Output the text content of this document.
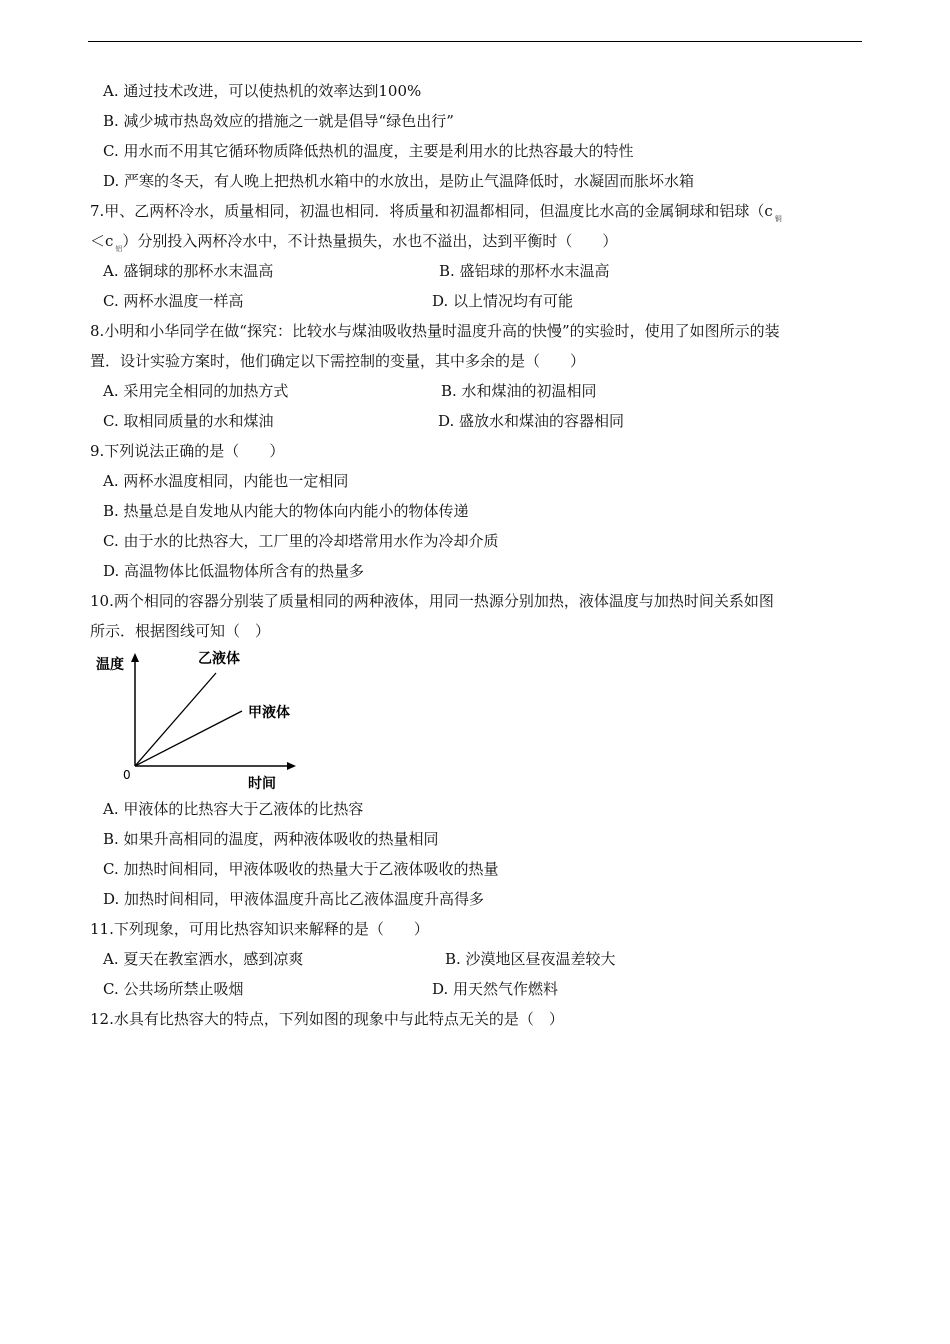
A. 通过技术改进，可以使热机的效率达到100%
B. 减少城市热岛效应的措施之一就是倡导“绿色出行”
C. 用水而不用其它循环物质降低热机的温度，主要是利用水的比热容最大的特性
D. 严寒的冬天，有人晚上把热机水箱中的水放出，是防止气温降低时，水凝固而胀坏水箱
7.甲、乙两杯冷水，质量相同，初温也相同．将质量和初温都相同，但温度比水高的金属铜球和铝球（c $_铜$
＜c $_铝$）分别投入两杯冷水中，不计热量损失，水也不溢出，达到平衡时（　　）
A. 盛铜球的那杯水末温高	B. 盛铝球的那杯水末温高
C. 两杯水温度一样高	D. 以上情况均有可能
8.小明和小华同学在做“探究：比较水与煤油吸收热量时温度升高的快慢”的实验时，使用了如图所示的装
置．设计实验方案时，他们确定以下需控制的变量，其中多余的是（　　）
A. 采用完全相同的加热方式	B. 水和煤油的初温相同
C. 取相同质量的水和煤油	D. 盛放水和煤油的容器相同
9.下列说法正确的是（　　）
A. 两杯水温度相同，内能也一定相同
B. 热量总是自发地从内能大的物体向内能小的物体传递
C. 由于水的比热容大，工厂里的冷却塔常用水作为冷却介质
D. 高温物体比低温物体所含有的热量多
10.两个相同的容器分别装了质量相同的两种液体，用同一热源分别加热，液体温度与加热时间关系如图
所示．根据图线可知（　）
温度
时间
0
乙液体
甲液体
A. 甲液体的比热容大于乙液体的比热容
B. 如果升高相同的温度，两种液体吸收的热量相同
C. 加热时间相同，甲液体吸收的热量大于乙液体吸收的热量
D. 加热时间相同，甲液体温度升高比乙液体温度升高得多
11.下列现象，可用比热容知识来解释的是（　　）
A. 夏天在教室洒水，感到凉爽	B. 沙漠地区昼夜温差较大
C. 公共场所禁止吸烟	D. 用天然气作燃料
12.水具有比热容大的特点，下列如图的现象中与此特点无关的是（　）
